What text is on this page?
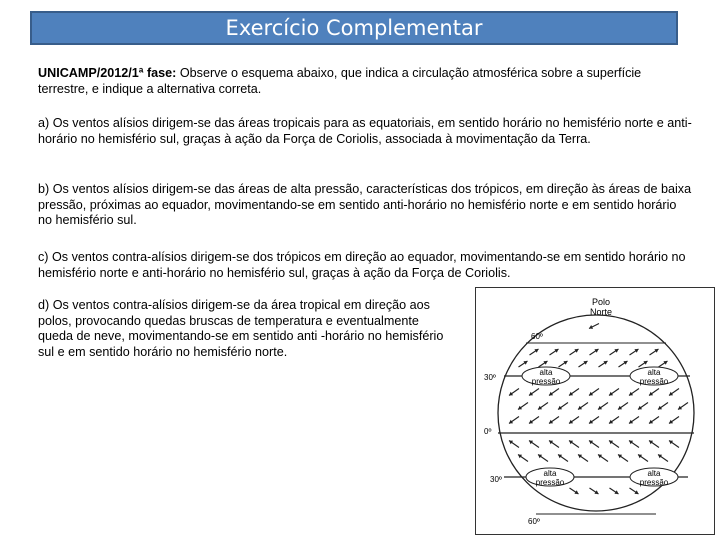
Exercício Complementar
UNICAMP/2012/1ª fase: Observe o esquema abaixo, que indica a circulação atmosférica sobre a superfície terrestre, e indique a alternativa correta.
a) Os ventos alísios dirigem-se das áreas tropicais para as equatoriais, em sentido horário no hemisfério norte e anti-horário no hemisfério sul, graças à ação da Força de Coriolis, associada à movimentação da Terra.
b) Os ventos alísios dirigem-se das áreas de alta pressão, características dos trópicos, em direção às áreas de baixa pressão, próximas ao equador, movimentando-se em sentido anti-horário no hemisfério norte e em sentido horário no hemisfério sul.
c) Os ventos contra-alísios dirigem-se dos trópicos em direção ao equador, movimentando-se em sentido horário no hemisfério norte e anti-horário no hemisfério sul, graças à ação da Força de Coriolis.
d) Os ventos contra-alísios dirigem-se da área tropical em direção aos polos, provocando quedas bruscas de temperatura e eventualmente queda de neve, movimentando-se em sentido anti -horário no hemisfério sul e em sentido horário no hemisfério norte.
Polo
Norte
60º
30º
0º
30º
60º
alta
pressão
alta
pressão
alta
pressão
alta
pressão
